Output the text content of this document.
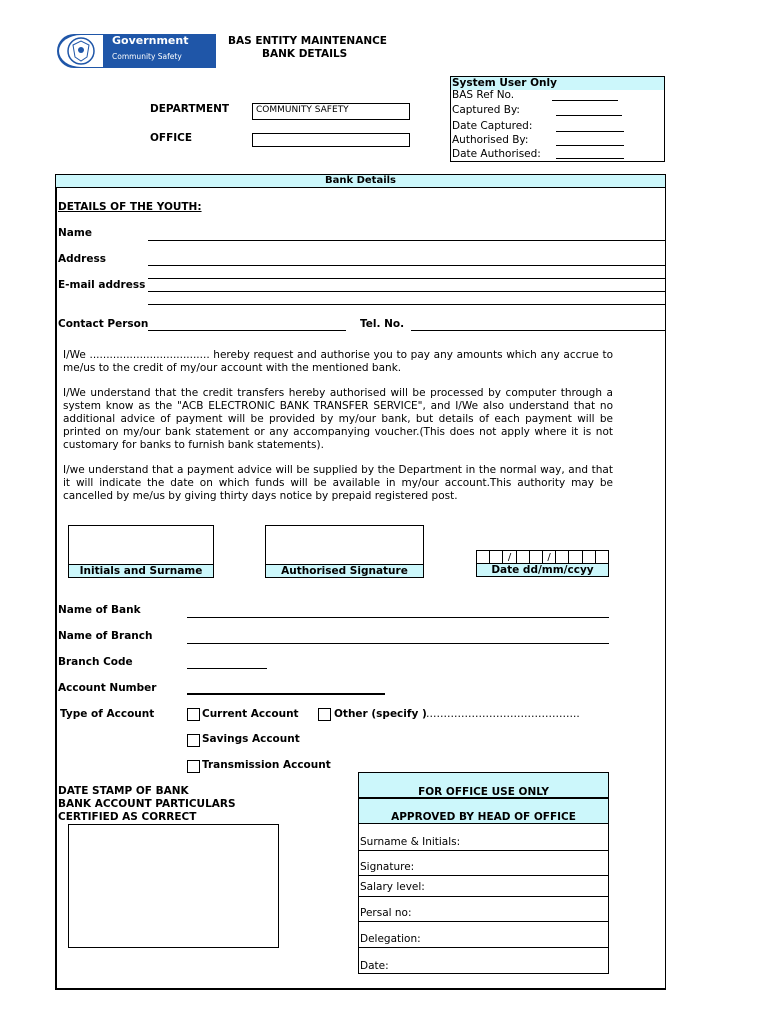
Government
Community Safety
BAS ENTITY MAINTENANCE
BANK DETAILS
System User Only
BAS Ref No.
Captured By:
Date Captured:
Authorised By:
Date Authorised:
DEPARTMENT	COMMUNITY SAFETY
OFFICE
Bank Details
DETAILS OF THE YOUTH:
Name
Address
E-mail address
Contact Person	Tel. No.
I/We .................................... hereby request and authorise you to pay any amounts which any accrue to me/us to the credit of my/our account with the mentioned bank.
I/We understand that the credit transfers hereby authorised will be processed by computer through a system know as the "ACB ELECTRONIC BANK TRANSFER SERVICE", and I/We also understand that no additional advice of payment will be provided by my/our bank, but details of each payment will be printed on my/our bank statement or any accompanying voucher.(This does not apply where it is not customary for banks to furnish bank statements).
I/we understand that a payment advice will be supplied by the Department in the normal way, and that it will indicate the date on which funds will be available in my/our account.This authority may be cancelled by me/us by giving thirty days notice by prepaid registered post.
Initials and Surname	Authorised Signature
/	/
Date dd/mm/ccyy
Name of Bank
Name of Branch
Branch Code
Account Number
Type of Account	Current Account	Other (specify ) ……………………………………..
Savings Account
Transmission Account
DATE STAMP OF BANK
BANK ACCOUNT PARTICULARS
CERTIFIED AS CORRECT
FOR OFFICE USE ONLY
APPROVED BY HEAD OF OFFICE
Surname & Initials:
Signature:
Salary level:
Persal no:
Delegation:
Date:
